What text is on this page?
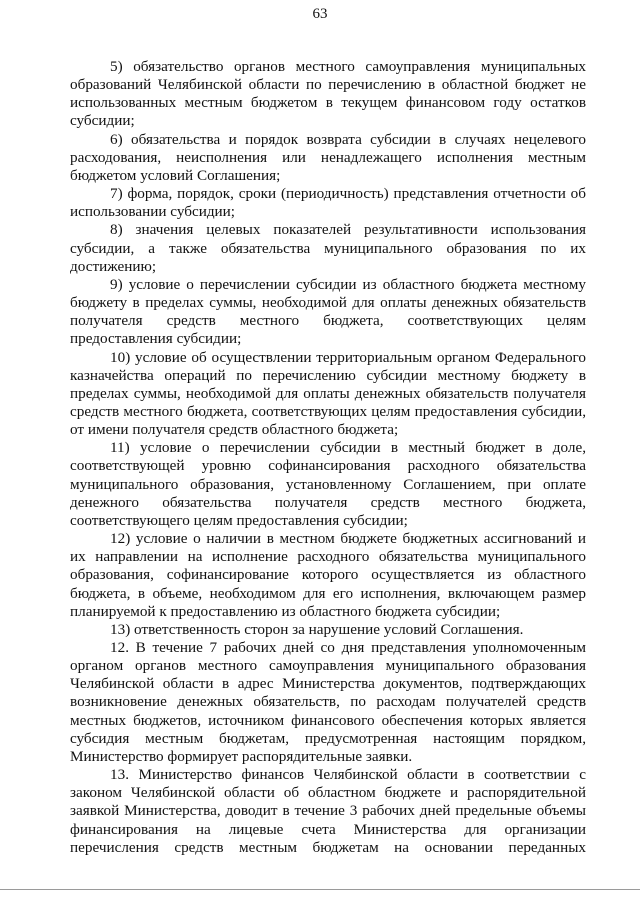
63

5) обязательство органов местного самоуправления муниципальных образований Челябинской области по перечислению в областной бюджет не использованных местным бюджетом в текущем финансовом году остатков субсидии;

6) обязательства и порядок возврата субсидии в случаях нецелевого расходования, неисполнения или ненадлежащего исполнения местным бюджетом условий Соглашения;

7) форма, порядок, сроки (периодичность) представления отчетности об использовании субсидии;

8) значения целевых показателей результативности использования субсидии, а также обязательства муниципального образования по их достижению;

9) условие о перечислении субсидии из областного бюджета местному бюджету в пределах суммы, необходимой для оплаты денежных обязательств получателя средств местного бюджета, соответствующих целям предоставления субсидии;

10) условие об осуществлении территориальным органом Федерального казначейства операций по перечислению субсидии местному бюджету в пределах суммы, необходимой для оплаты денежных обязательств получателя средств местного бюджета, соответствующих целям предоставления субсидии, от имени получателя средств областного бюджета;

11) условие о перечислении субсидии в местный бюджет в доле, соответствующей уровню софинансирования расходного обязательства муниципального образования, установленному Соглашением, при оплате денежного обязательства получателя средств местного бюджета, соответствующего целям предоставления субсидии;

12) условие о наличии в местном бюджете бюджетных ассигнований и их направлении на исполнение расходного обязательства муниципального образования, софинансирование которого осуществляется из областного бюджета, в объеме, необходимом для его исполнения, включающем размер планируемой к предоставлению из областного бюджета субсидии;

13) ответственность сторон за нарушение условий Соглашения.

12. В течение 7 рабочих дней со дня представления уполномоченным органом органов местного самоуправления муниципального образования Челябинской области в адрес Министерства документов, подтверждающих возникновение денежных обязательств, по расходам получателей средств местных бюджетов, источником финансового обеспечения которых является субсидия местным бюджетам, предусмотренная настоящим порядком, Министерство формирует распорядительные заявки.

13. Министерство финансов Челябинской области в соответствии с законом Челябинской области об областном бюджете и распорядительной заявкой Министерства, доводит в течение 3 рабочих дней предельные объемы финансирования на лицевые счета Министерства для организации перечисления средств местным бюджетам на основании переданных
